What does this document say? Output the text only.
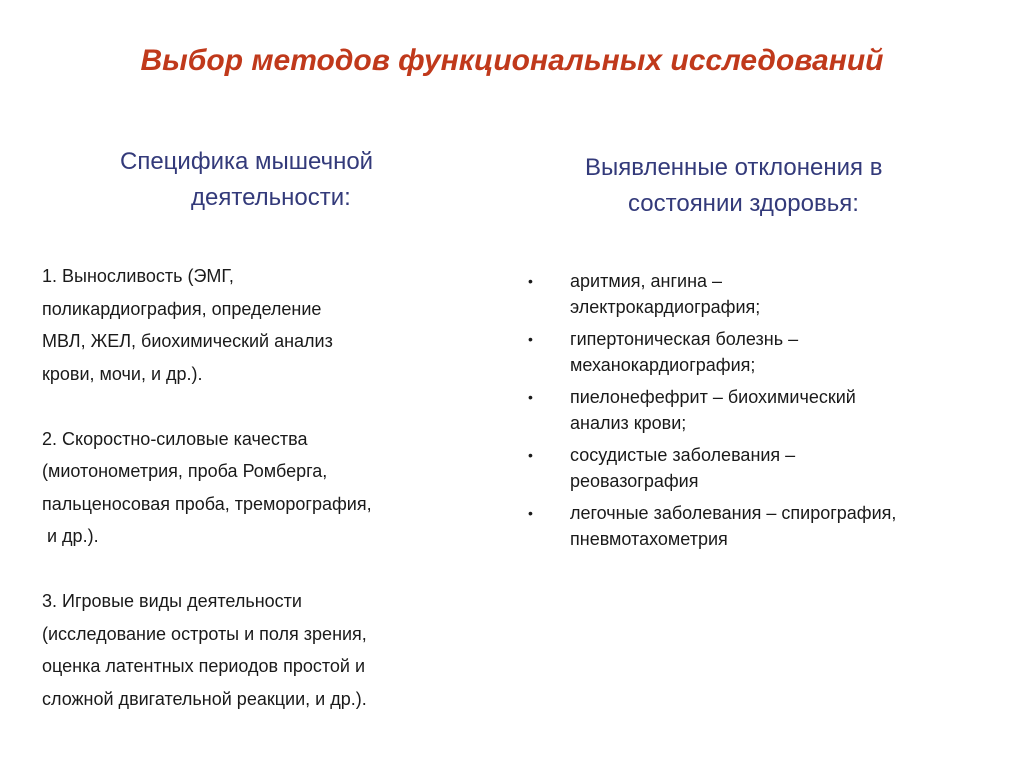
Выбор методов функциональных исследований
Специфика мышечной
деятельности:
Выявленные отклонения в
состоянии здоровья:
1. Выносливость (ЭМГ,
поликардиография, определение
МВЛ, ЖЕЛ, биохимический анализ
крови, мочи, и др.).
2. Скоростно-силовые качества
(миотонометрия, проба Ромберга,
пальценосовая проба, треморография,
и др.).
3. Игровые виды деятельности
(исследование остроты и поля зрения,
оценка латентных периодов простой и
сложной двигательной реакции, и др.).
• аритмия, ангина –
электрокардиография;
• гипертоническая болезнь –
механокардиография;
• пиелонефефрит – биохимический
анализ крови;
• сосудистые заболевания –
реовазография
• легочные заболевания – спирография,
пневмотахометрия
